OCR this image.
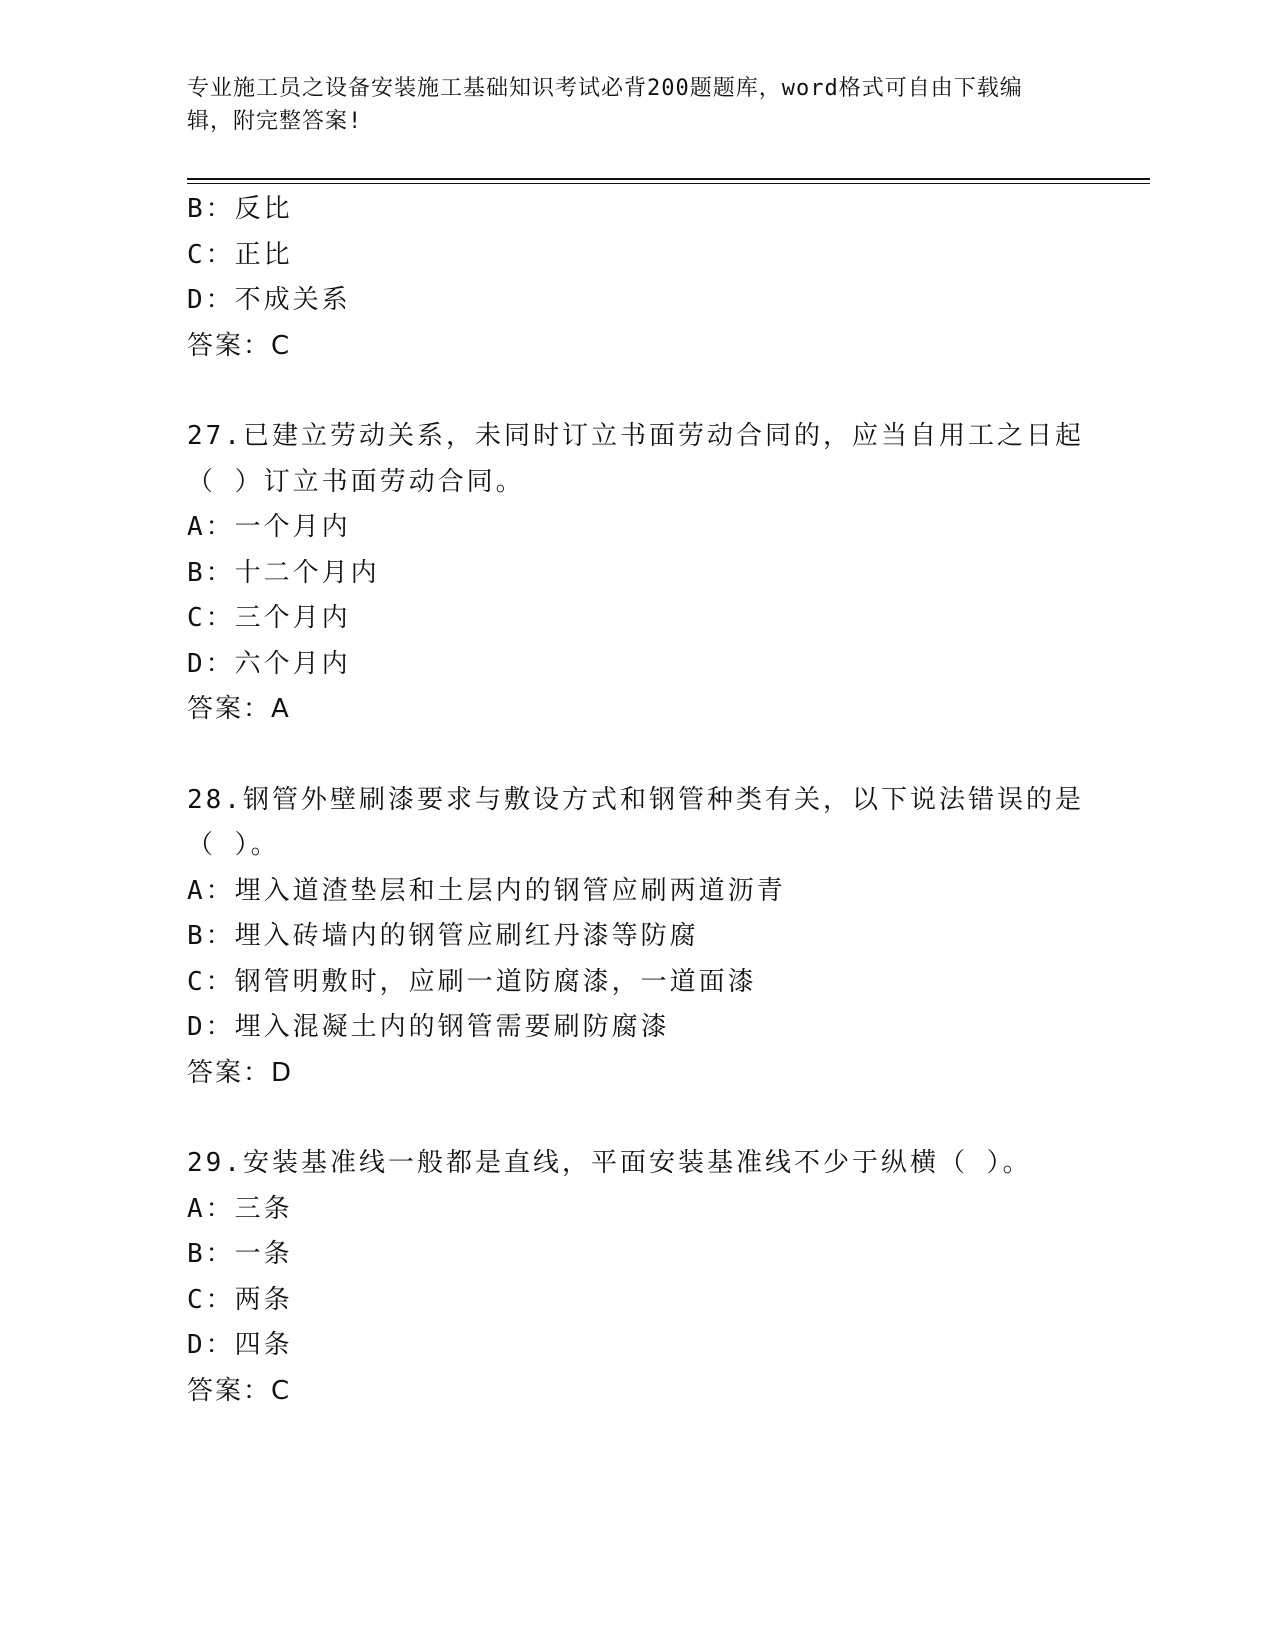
专业施工员之设备安装施工基础知识考试必背200题题库，word格式可自由下载编辑，附完整答案!
B：反比
C：正比
D：不成关系
答案：C
27.已建立劳动关系，未同时订立书面劳动合同的，应当自用工之日起
（ ）订立书面劳动合同。
A：一个月内
B：十二个月内
C：三个月内
D：六个月内
答案：A
28.钢管外壁刷漆要求与敷设方式和钢管种类有关，以下说法错误的是
（ ）。
A：埋入道渣垫层和土层内的钢管应刷两道沥青
B：埋入砖墙内的钢管应刷红丹漆等防腐
C：钢管明敷时，应刷一道防腐漆，一道面漆
D：埋入混凝土内的钢管需要刷防腐漆
答案：D
29.安装基准线一般都是直线，平面安装基准线不少于纵横（ ）。
A：三条
B：一条
C：两条
D：四条
答案：C
